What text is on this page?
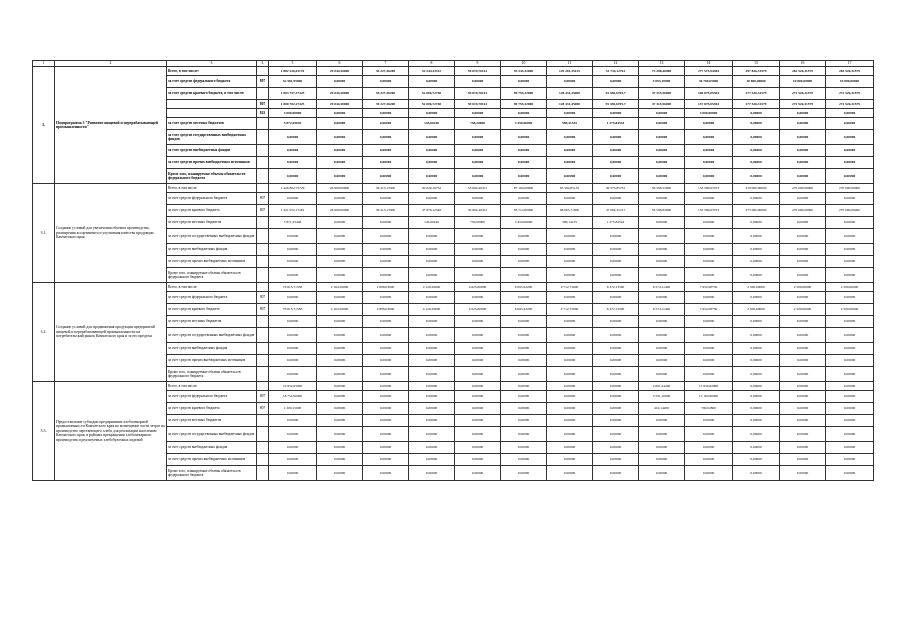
1	2	3	4	5	6	7	8	9	10	11	12	13	14	15	16	17
3.	Подпрограмма 3 "Развитие пищевой и перерабатывающей промышленности"	Всего, в том числе:		1 882 226,01170	29 044,50000	39 227,36200	52 244,33112	59 019,70161	93 243,32000	129 201,35135	51 734,12761	73 208,46900	277 575,94304	297 826,31579	282 526,31579	282 526,31579
		за счет средств федерального бюджета	807	52 581,95000	0,00000	0,00000	0,00000	0,00000	0,00000	0,00000	0,00000	5 093,10000	36 700,65000	10 800,00000	10 800,00000	10 800,00000
		за счет средств краевого бюджета, в том числе:		1 803 757,37425	29 044,50000	39 227,36200	52 006,72740	59 019,70161	89 793,32000	128 431,45000	55 450,6705,7	47 315,56000	160 875,05304	277 526,31579	272 526,31579	272 526,31579
			807	1 800 702,27425	29 044,50000	39 227,36200	52 006,72740	59 019,70161	89 793,32000	128 431,45000	55 450,6705,7	47 315,56000	157 875,05304	277 526,31579	272 526,31579	272 526,31579
			843	3 000,00000	0,00000	0,00000	0,00000	0,00000	0,00000	0,00000	0,00000	0,00000	3 000,00000	0,00000	0,00000	0,00000
		за счет средств местных бюджетов		5 872,05045	0,00000	0,00000	145,60240	758,20000	3 450,00000	589,41335	1 275,84544	0,00000	0,00000	0,00000	0,00000	0,00000
		за счет средств государственных внебюджетных фондов		0,00000	0,00000	0,00000	0,00000	0,00000	0,00000	0,00000	0,00000	0,00000	0,00000	0,00000	0,00000	0,00000
		за счет средств внебюджетных фондов		0,00000	0,00000	0,00000	0,00000	0,00000	0,00000	0,00000	0,00000	0,00000	0,00000	0,00000	0,00000	0,00000
		за счет средств прочих внебюджетных источников		0,00000	0,00000	0,00000	0,00000	0,00000	0,00000	0,00000	0,00000	0,00000	0,00000	0,00000	0,00000	0,00000
		Кроме того, планируемые объемы обязательств федерального бюджета		0,00000	0,00000	0,00000	0,00000	0,00000	0,00000	0,00000	0,00000	0,00000	0,00000	0,00000	0,00000	0,00000
3.1.	Создание условий для увеличения объемов производства, расширения ассортимента и улучшения качества продукции Камчатского края	Всего, в том числе:		1 426 802,72729	26 900,00000	36 413,13300	50 029,10752	53 604,40451	87 164,00000	95 594,85135	49 375,85761	56 596,52900	153 589,63703	278 000,00000	270 000,00000	270 000,00000
		за счет средств федерального бюджета	807	0,00000	0,00000	0,00000	0,00000	0,00000	0,00000	0,00000	0,00000	0,00000	0,00000	0,00000	0,00000	0,00000
		за счет средств краевого бюджета	807	1 421 052,17281	26 900,00000	36 413,13300	47 876,12346	50 604,40451	83 714,00000	98 005,71000	47 082,31217	56 596,82900	153 589,63703	275 000,00000	270 000,00000	270 000,00000
		за счет средств местных бюджетов		5 871,55448	0,00000	0,00000	145,60240	750,00000	3 450,00000	589,14135	1 275,84544	0,00000	0,00000	0,00000	0,00000	0,00000
		за счет средств государственных внебюджетных фондов		0,00000	0,00000	0,00000	0,00000	0,00000	0,00000	0,00000	0,00000	0,00000	0,00000	0,00000	0,00000	0,00000
		за счет средств внебюджетных фондов		0,00000	0,00000	0,00000	0,00000	0,00000	0,00000	0,00000	0,00000	0,00000	0,00000	0,00000	0,00000	0,00000
		за счет средств прочих внебюджетных источников		0,00000	0,00000	0,00000	0,00000	0,00000	0,00000	0,00000	0,00000	0,00000	0,00000	0,00000	0,00000	0,00000
		Кроме того, планируемые объемы обязательств федерального бюджета		0,00000	0,00000	0,00000	0,00000	0,00000	0,00000	0,00000	0,00000	0,00000	0,00000	0,00000	0,00000	0,00000
3.2.	Создание условий для продвижения продукции предприятий пищевой и перерабатывающей промышленности на потребительский рынок Камчатского края и за его пределы	Всего, в том числе:		76 615,71530	2 164,50000	2 808,03000	4 129,29000	4 625,00000	6 095,22200	9 712,75000	6 372,13500	6 574,11400	7 952,08750	2 500,00000	2 500,00000	2 500,00000
		за счет средств федерального бюджета	807	0,00000	0,00000	0,00000	0,00000	0,00000	0,00000	0,00000	0,00000	0,00000	0,00000	0,00000	0,00000	0,00000
		за счет средств краевого бюджета	807	76 615,71530	2 164,50000	2 808,03000	4 129,29000	4 625,00000	6 095,22200	9 712,75000	6 372,13500	6 574,11400	7 952,08750	2 500,00000	2 500,00000	2 500,00000
		за счет средств местных бюджетов		0,00000	0,00000	0,00000	0,00000	0,00000	0,00000	0,00000	0,00000	0,00000	0,00000	0,00000	0,00000	0,00000
		за счет средств государственных внебюджетных фондов		0,00000	0,00000	0,00000	0,00000	0,00000	0,00000	0,00000	0,00000	0,00000	0,00000	0,00000	0,00000	0,00000
		за счет средств внебюджетных фондов		0,00000	0,00000	0,00000	0,00000	0,00000	0,00000	0,00000	0,00000	0,00000	0,00000	0,00000	0,00000	0,00000
		за счет средств прочих внебюджетных источников		0,00000	0,00000	0,00000	0,00000	0,00000	0,00000	0,00000	0,00000	0,00000	0,00000	0,00000	0,00000	0,00000
		Кроме того, планируемые объемы обязательств федерального бюджета		0,00000	0,00000	0,00000	0,00000	0,00000	0,00000	0,00000	0,00000	0,00000	0,00000	0,00000	0,00000	0,00000
3.3.	Предоставление субсидии предприятиям хлебопекарной промышленности Камчатского края на возмещение части затрат на производство черствеющего хлеба для реализации населению Камчатского края, в районах прекращения хлебопекарного производства и реализуемых хлебобулочных изделий	Всего, в том числе:		19 952,05000	0,00000	0,00000	0,00000	0,00000	0,00000	0,00000	0,00000	4 001,24200	15 950,82800	0,00000	0,00000	0,00000
		за счет средств федерального бюджета	807	18 751,90000	0,00000	0,00000	0,00000	0,00000	0,00000	0,00000	0,00000	3 591,10000	15 160,80000	0,00000	0,00000	0,00000
		за счет средств краевого бюджета	807	1 200,15000	0,00000	0,00000	0,00000	0,00000	0,00000	0,00000	0,00000	410,14200	790,02800	0,00000	0,00000	0,00000
		за счет средств местных бюджетов		0,00000	0,00000	0,00000	0,00000	0,00000	0,00000	0,00000	0,00000	0,00000	0,00000	0,00000	0,00000	0,00000
		за счет средств государственных внебюджетных фондов		0,00000	0,00000	0,00000	0,00000	0,00000	0,00000	0,00000	0,00000	0,00000	0,00000	0,00000	0,00000	0,00000
		за счет средств внебюджетных фондов		0,00000	0,00000	0,00000	0,00000	0,00000	0,00000	0,00000	0,00000	0,00000	0,00000	0,00000	0,00000	0,00000
		за счет средств прочих внебюджетных источников		0,00000	0,00000	0,00000	0,00000	0,00000	0,00000	0,00000	0,00000	0,00000	0,00000	0,00000	0,00000	0,00000
		Кроме того, планируемые объемы обязательств федерального бюджета		0,00000	0,00000	0,00000	0,00000	0,00000	0,00000	0,00000	0,00000	0,00000	0,00000	0,00000	0,00000	0,00000
